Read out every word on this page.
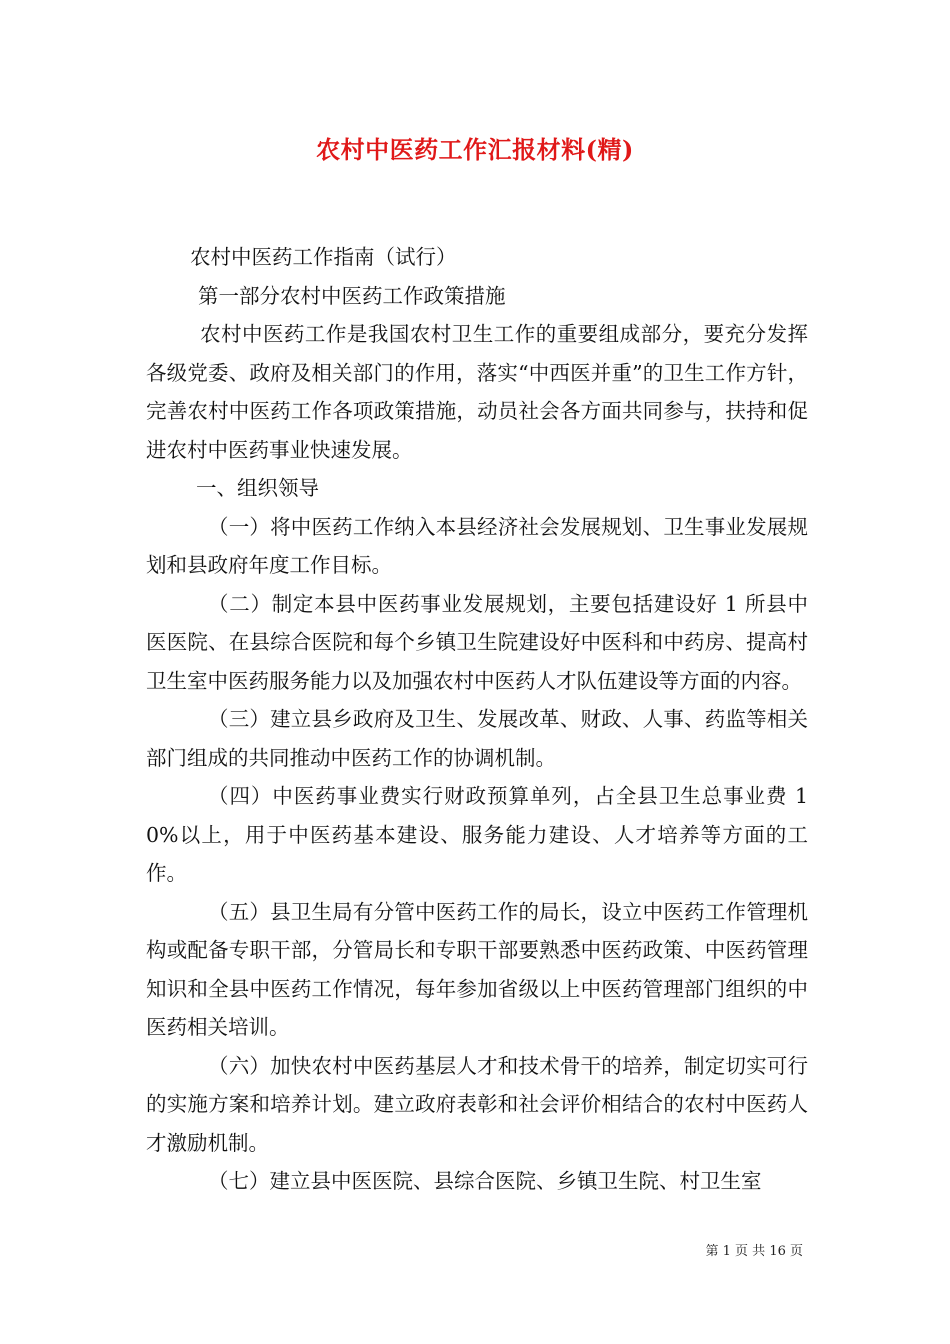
农村中医药工作汇报材料(精)

农村中医药工作指南（试行）

第一部分农村中医药工作政策措施

农村中医药工作是我国农村卫生工作的重要组成部分，要充分发挥各级党委、政府及相关部门的作用，落实“中西医并重”的卫生工作方针，完善农村中医药工作各项政策措施，动员社会各方面共同参与，扶持和促进农村中医药事业快速发展。

一、组织领导

（一）将中医药工作纳入本县经济社会发展规划、卫生事业发展规划和县政府年度工作目标。

（二）制定本县中医药事业发展规划，主要包括建设好 1 所县中医医院、在县综合医院和每个乡镇卫生院建设好中医科和中药房、提高村卫生室中医药服务能力以及加强农村中医药人才队伍建设等方面的内容。

（三）建立县乡政府及卫生、发展改革、财政、人事、药监等相关部门组成的共同推动中医药工作的协调机制。

（四）中医药事业费实行财政预算单列，占全县卫生总事业费 10%以上，用于中医药基本建设、服务能力建设、人才培养等方面的工作。

（五）县卫生局有分管中医药工作的局长，设立中医药工作管理机构或配备专职干部，分管局长和专职干部要熟悉中医药政策、中医药管理知识和全县中医药工作情况，每年参加省级以上中医药管理部门组织的中医药相关培训。

（六）加快农村中医药基层人才和技术骨干的培养，制定切实可行的实施方案和培养计划。建立政府表彰和社会评价相结合的农村中医药人才激励机制。

（七）建立县中医医院、县综合医院、乡镇卫生院、村卫生室

第 1 页 共 16 页
